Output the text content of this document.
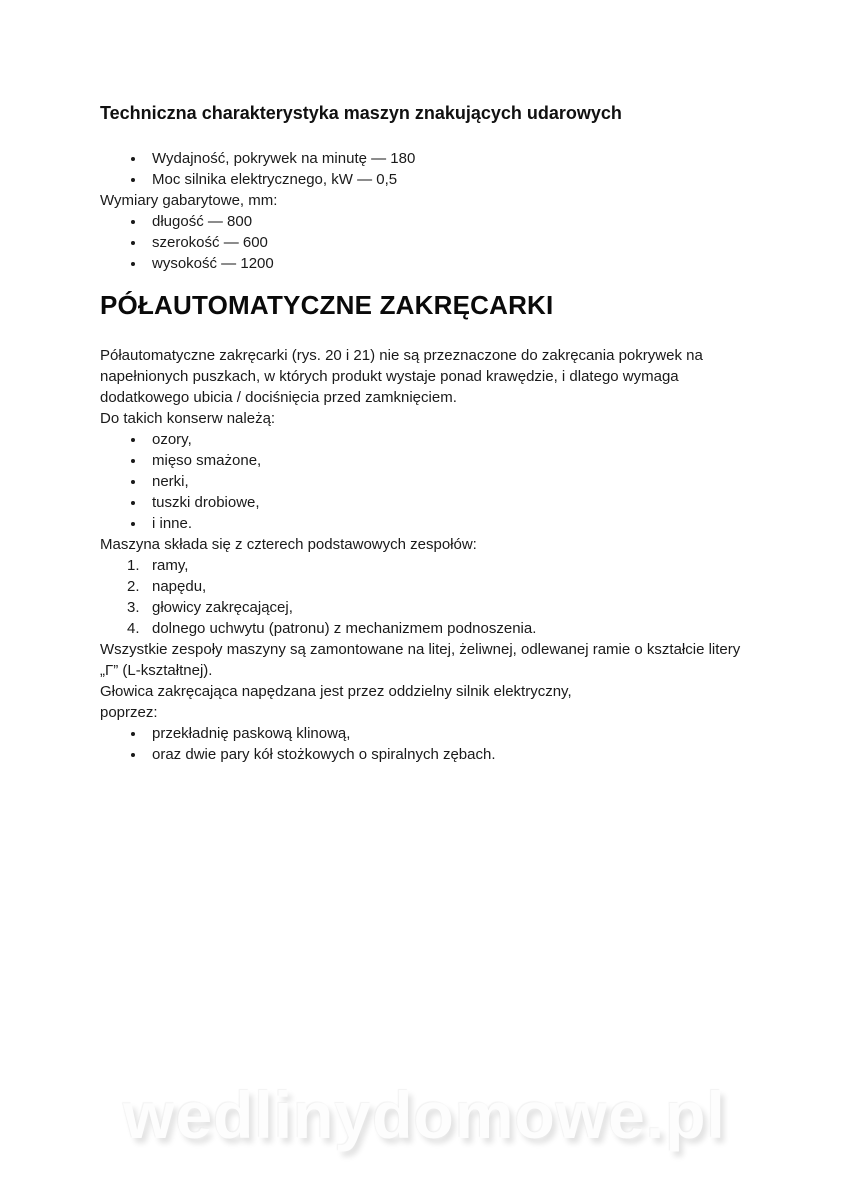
Techniczna charakterystyka maszyn znakujących udarowych
Wydajność, pokrywek na minutę — 180
Moc silnika elektrycznego, kW — 0,5

Wymiary gabarytowe, mm:

długość — 800
szerokość — 600
wysokość — 1200
PÓŁAUTOMATYCZNE ZAKRĘCARKI

Półautomatyczne zakręcarki (rys. 20 i 21) nie są przeznaczone do zakręcania pokrywek na napełnionych puszkach, w których produkt wystaje ponad krawędzie, i dlatego wymaga dodatkowego ubicia / dociśnięcia przed zamknięciem.

Do takich konserw należą:

ozory,
mięso smażone,
nerki,
tuszki drobiowe,
i inne.

Maszyna składa się z czterech podstawowych zespołów:

ramy,
napędu,
głowicy zakręcającej,
dolnego uchwytu (patronu) z mechanizmem podnoszenia.

Wszystkie zespoły maszyny są zamontowane na litej, żeliwnej, odlewanej ramie o kształcie litery „Γ” (L-kształtnej).

Głowica zakręcająca napędzana jest przez oddzielny silnik elektryczny,

poprzez:

przekładnię paskową klinową,
oraz dwie pary kół stożkowych o spiralnych zębach.
wedlinydomowe.pl
